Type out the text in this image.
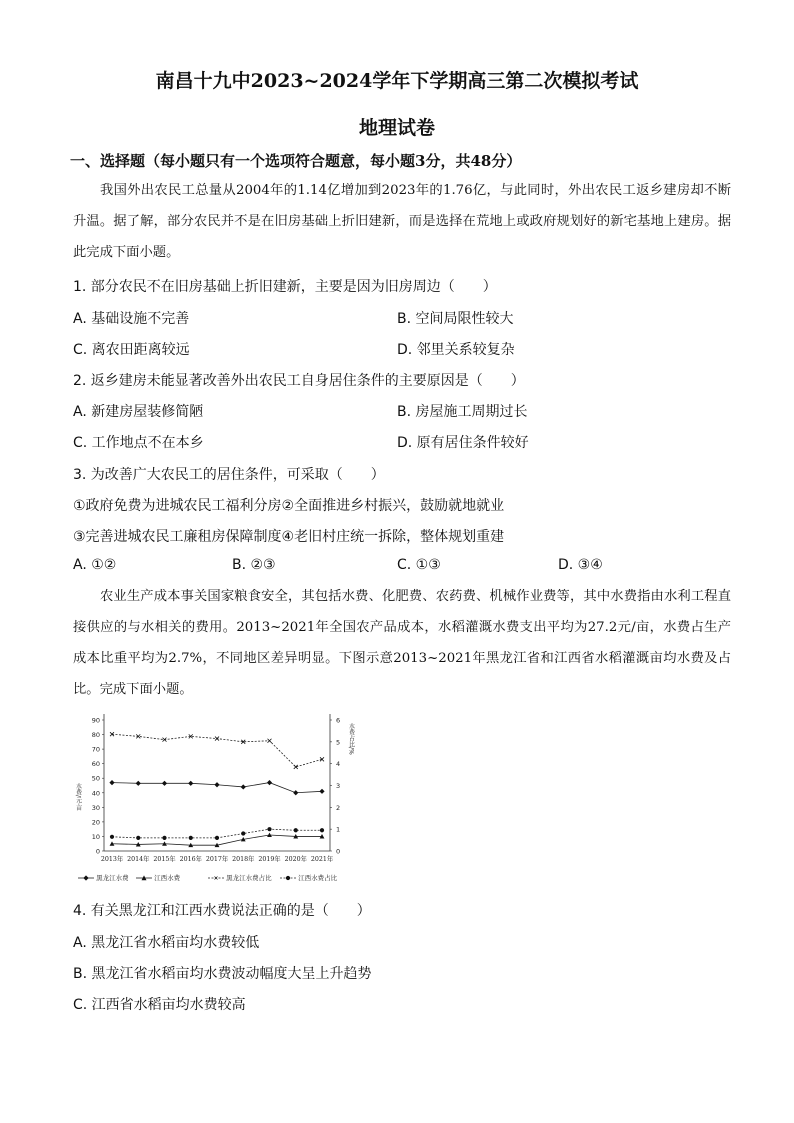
南昌十九中2023~2024学年下学期高三第二次模拟考试
地理试卷
一、选择题（每小题只有一个选项符合题意，每小题3分，共48分）
我国外出农民工总量从2004年的1.14亿增加到2023年的1.76亿，与此同时，外出农民工返乡建房却不断升温。据了解，部分农民并不是在旧房基础上折旧建新，而是选择在荒地上或政府规划好的新宅基地上建房。据此完成下面小题。
1. 部分农民不在旧房基础上折旧建新，主要是因为旧房周边（　　）
A. 基础设施不完善	B. 空间局限性较大
C. 离农田距离较远	D. 邻里关系较复杂
2. 返乡建房未能显著改善外出农民工自身居住条件的主要原因是（　　）
A. 新建房屋装修简陋	B. 房屋施工周期过长
C. 工作地点不在本乡	D. 原有居住条件较好
3. 为改善广大农民工的居住条件，可采取（　　）
①政府免费为进城农民工福利分房②全面推进乡村振兴，鼓励就地就业
③完善进城农民工廉租房保障制度④老旧村庄统一拆除，整体规划重建
A. ①②	B. ②③	C. ①③	D. ③④
农业生产成本事关国家粮食安全，其包括水费、化肥费、农药费、机械作业费等，其中水费指由水利工程直接供应的与水相关的费用。2013~2021年全国农产品成本，水稻灌溉水费支出平均为27.2元/亩，水费占生产成本比重平均为2.7%，不同地区差异明显。下图示意2013~2021年黑龙江省和江西省水稻灌溉亩均水费及占比。完成下面小题。
0
10
20
30
40
50
60
70
80
90
0
1
2
3
4
5
6
2013年 2014年 2015年 2016年 2017年 2018年 2019年 2020年 2021年
水费/元·亩
水费占比/%
黑龙江水费	江西水费	黑龙江水费占比	江西水费占比
4. 有关黑龙江和江西水费说法正确的是（　　）
A. 黑龙江省水稻亩均水费较低
B. 黑龙江省水稻亩均水费波动幅度大呈上升趋势
C. 江西省水稻亩均水费较高
